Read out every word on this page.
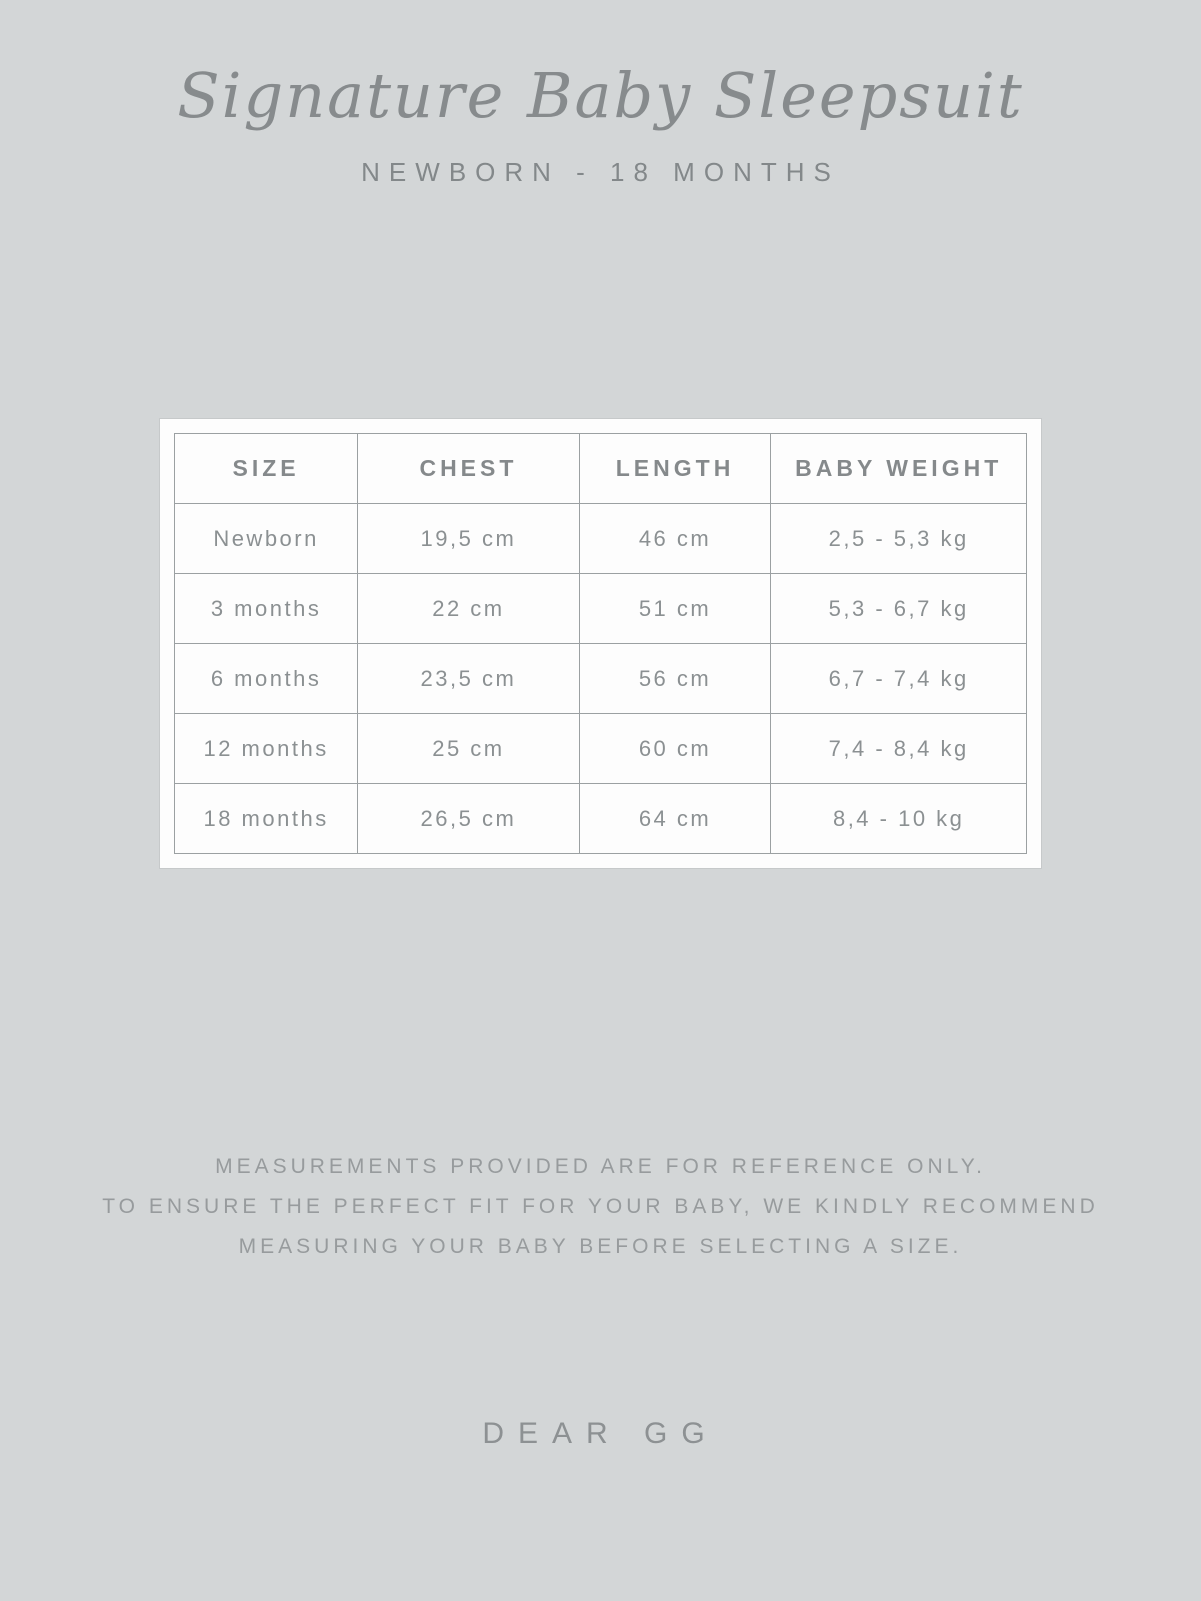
Signature Baby Sleepsuit
NEWBORN - 18 MONTHS
SIZE	CHEST	LENGTH	BABY WEIGHT
Newborn	19,5 cm	46 cm	2,5 - 5,3 kg
3 months	22 cm	51 cm	5,3 - 6,7 kg
6 months	23,5 cm	56 cm	6,7 - 7,4 kg
12 months	25 cm	60 cm	7,4 - 8,4 kg
18 months	26,5 cm	64 cm	8,4 - 10 kg
MEASUREMENTS PROVIDED ARE FOR REFERENCE ONLY.
TO ENSURE THE PERFECT FIT FOR YOUR BABY, WE KINDLY RECOMMEND
MEASURING YOUR BABY BEFORE SELECTING A SIZE.
DEAR GG
